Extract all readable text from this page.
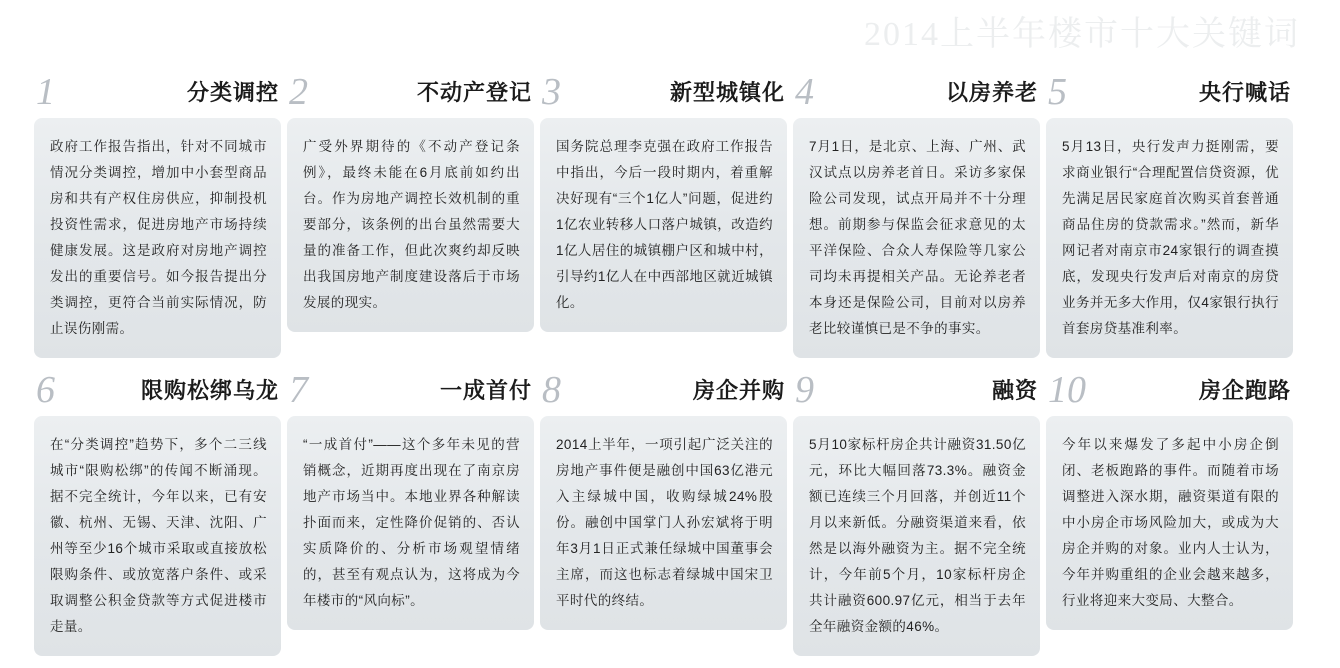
2014上半年楼市十大关键词
1	分类调控
政府工作报告指出，针对不同城市情况分类调控，增加中小套型商品房和共有产权住房供应，抑制投机投资性需求，促进房地产市场持续健康发展。这是政府对房地产调控发出的重要信号。如今报告提出分类调控，更符合当前实际情况，防止误伤刚需。
2	不动产登记
广受外界期待的《不动产登记条例》，最终未能在6月底前如约出台。作为房地产调控长效机制的重要部分，该条例的出台虽然需要大量的准备工作，但此次爽约却反映出我国房地产制度建设落后于市场发展的现实。
3	新型城镇化
国务院总理李克强在政府工作报告中指出，今后一段时期内，着重解决好现有“三个1亿人”问题，促进约1亿农业转移人口落户城镇，改造约1亿人居住的城镇棚户区和城中村，引导约1亿人在中西部地区就近城镇化。
4	以房养老
7月1日，是北京、上海、广州、武汉试点以房养老首日。采访多家保险公司发现，试点开局并不十分理想。前期参与保监会征求意见的太平洋保险、合众人寿保险等几家公司均未再提相关产品。无论养老者本身还是保险公司，目前对以房养老比较谨慎已是不争的事实。
5	央行喊话
5月13日，央行发声力挺刚需，要求商业银行“合理配置信贷资源，优先满足居民家庭首次购买首套普通商品住房的贷款需求。”然而，新华网记者对南京市24家银行的调查摸底，发现央行发声后对南京的房贷业务并无多大作用，仅4家银行执行首套房贷基准利率。
6	限购松绑乌龙
在“分类调控”趋势下，多个二三线城市“限购松绑”的传闻不断涌现。据不完全统计，今年以来，已有安徽、杭州、无锡、天津、沈阳、广州等至少16个城市采取或直接放松限购条件、或放宽落户条件、或采取调整公积金贷款等方式促进楼市走量。
7	一成首付
“一成首付”——这个多年未见的营销概念，近期再度出现在了南京房地产市场当中。本地业界各种解读扑面而来，定性降价促销的、否认实质降价的、分析市场观望情绪的，甚至有观点认为，这将成为今年楼市的“风向标”。
8	房企并购
2014上半年，一项引起广泛关注的房地产事件便是融创中国63亿港元入主绿城中国，收购绿城24%股份。融创中国掌门人孙宏斌将于明年3月1日正式兼任绿城中国董事会主席，而这也标志着绿城中国宋卫平时代的终结。
9	融资
5月10家标杆房企共计融资31.50亿元，环比大幅回落73.3%。融资金额已连续三个月回落，并创近11个月以来新低。分融资渠道来看，依然是以海外融资为主。据不完全统计，今年前5个月，10家标杆房企共计融资600.97亿元，相当于去年全年融资金额的46%。
10	房企跑路
今年以来爆发了多起中小房企倒闭、老板跑路的事件。而随着市场调整进入深水期，融资渠道有限的中小房企市场风险加大，或成为大房企并购的对象。业内人士认为，今年并购重组的企业会越来越多，行业将迎来大变局、大整合。
